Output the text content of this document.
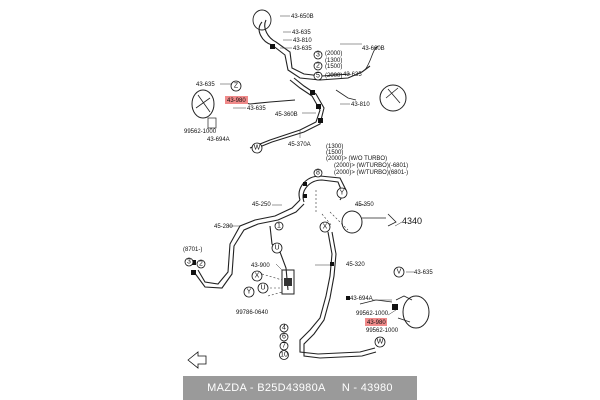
43-650B
43-635
43-810
43-635	43-660B
43-635
43-810
45-360B
45-370A
43-635
43-635
99562-1000
43-694A
43-980
(2000)
(1300)
(1500)
(2000)
W
Z
3
2
5
45-250	45-350
4340
45-280
43-900	45-320
43-635
43-694A
99562-1000
99562-1000
99786-0640
43-980
(1300)
(1500)
(2000)> (W/O TURBO)
(2000)> (W/TURBO)(-6801)
(2000)> (W/TURBO)(6801-)
(8701-)
W
X
Y
U
V
U
3 2
1
4
6
7
10
8
Y
X
MAZDA - B25D43980A N - 43980
